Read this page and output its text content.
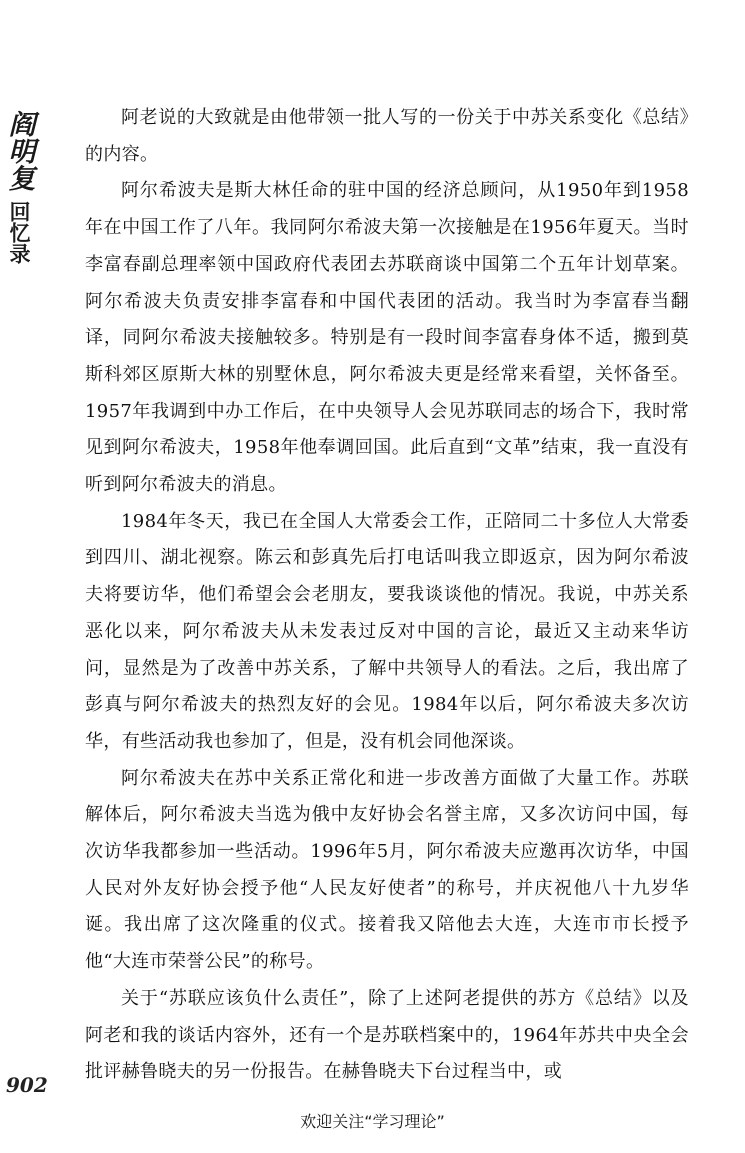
阎明复
回忆录

阿老说的大致就是由他带领一批人写的一份关于中苏关系变化《总结》的内容。

阿尔希波夫是斯大林任命的驻中国的经济总顾问，从1950年到1958年在中国工作了八年。我同阿尔希波夫第一次接触是在1956年夏天。当时李富春副总理率领中国政府代表团去苏联商谈中国第二个五年计划草案。阿尔希波夫负责安排李富春和中国代表团的活动。我当时为李富春当翻译，同阿尔希波夫接触较多。特别是有一段时间李富春身体不适，搬到莫斯科郊区原斯大林的别墅休息，阿尔希波夫更是经常来看望，关怀备至。1957年我调到中办工作后，在中央领导人会见苏联同志的场合下，我时常见到阿尔希波夫，1958年他奉调回国。此后直到“文革”结束，我一直没有听到阿尔希波夫的消息。

1984年冬天，我已在全国人大常委会工作，正陪同二十多位人大常委到四川、湖北视察。陈云和彭真先后打电话叫我立即返京，因为阿尔希波夫将要访华，他们希望会会老朋友，要我谈谈他的情况。我说，中苏关系恶化以来，阿尔希波夫从未发表过反对中国的言论，最近又主动来华访问，显然是为了改善中苏关系，了解中共领导人的看法。之后，我出席了彭真与阿尔希波夫的热烈友好的会见。1984年以后，阿尔希波夫多次访华，有些活动我也参加了，但是，没有机会同他深谈。

阿尔希波夫在苏中关系正常化和进一步改善方面做了大量工作。苏联解体后，阿尔希波夫当选为俄中友好协会名誉主席，又多次访问中国，每次访华我都参加一些活动。1996年5月，阿尔希波夫应邀再次访华，中国人民对外友好协会授予他“人民友好使者”的称号，并庆祝他八十九岁华诞。我出席了这次隆重的仪式。接着我又陪他去大连，大连市市长授予他“大连市荣誉公民”的称号。

关于“苏联应该负什么责任”，除了上述阿老提供的苏方《总结》以及阿老和我的谈话内容外，还有一个是苏联档案中的，1964年苏共中央全会批评赫鲁晓夫的另一份报告。在赫鲁晓夫下台过程当中，或

902
欢迎关注“学习理论”
